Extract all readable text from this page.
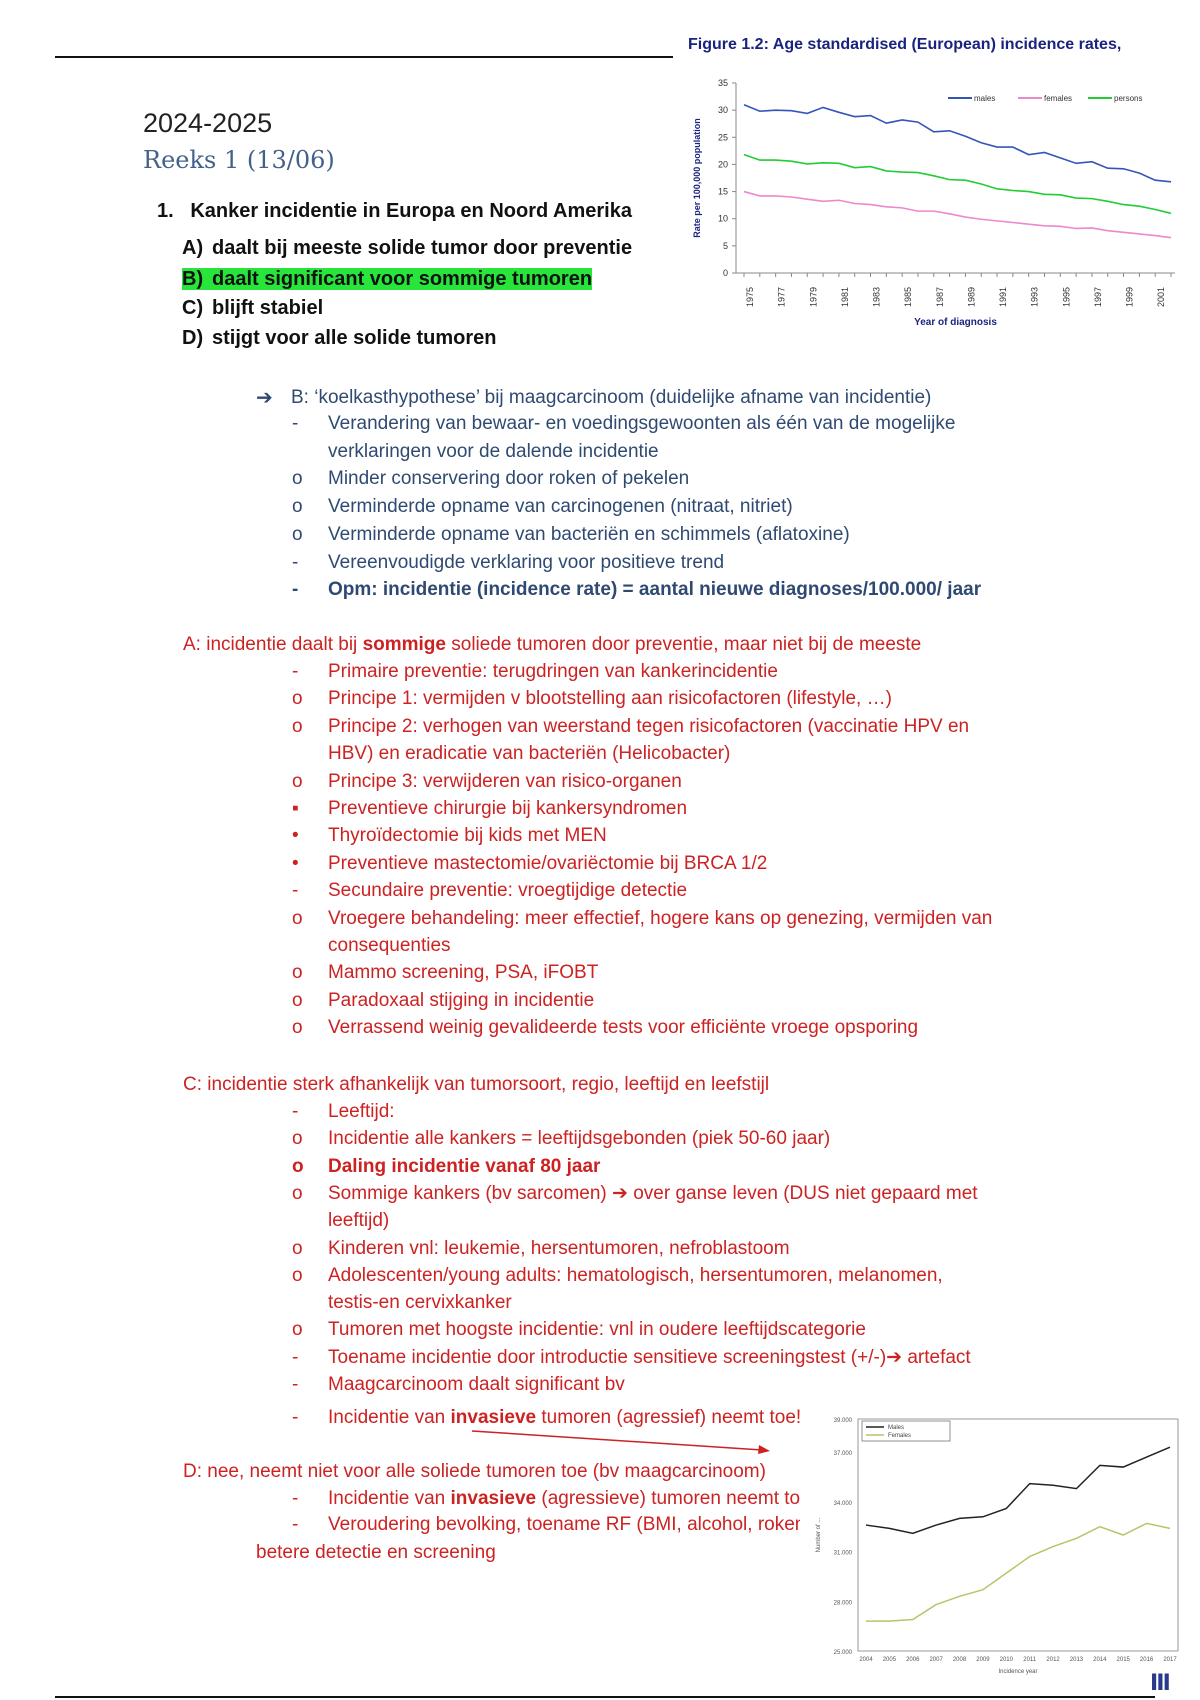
Figure 1.2: Age standardised (European) incidence rates,
0
5
10
15
20
25
30
35
1975 1977 1979 1981 1983 1985 1987 1989 1991 1993 1995 1997 1999 2001
Year of diagnosis
Rate per 100,000 population
males	females	persons
2024-2025
Reeks 1 (13/06)
1. Kanker incidentie in Europa en Noord Amerika
A) daalt bij meeste solide tumor door preventie
B) daalt significant voor sommige tumoren
C) blijft stabiel
D) stijgt voor alle solide tumoren
➔ B: ‘koelkasthypothese’ bij maagcarcinoom (duidelijke afname van incidentie)
- Verandering van bewaar- en voedingsgewoonten als één van de mogelijke
verklaringen voor de dalende incidentie
o Minder conservering door roken of pekelen
o Verminderde opname van carcinogenen (nitraat, nitriet)
o Verminderde opname van bacteriën en schimmels (aflatoxine)
- Vereenvoudigde verklaring voor positieve trend
- Opm: incidentie (incidence rate) = aantal nieuwe diagnoses/100.000/ jaar
A: incidentie daalt bij sommige soliede tumoren door preventie, maar niet bij de meeste
- Primaire preventie: terugdringen van kankerincidentie
o Principe 1: vermijden v blootstelling aan risicofactoren (lifestyle, …)
o Principe 2: verhogen van weerstand tegen risicofactoren (vaccinatie HPV en
HBV) en eradicatie van bacteriën (Helicobacter)
o Principe 3: verwijderen van risico-organen
▪ Preventieve chirurgie bij kankersyndromen
• Thyroïdectomie bij kids met MEN
• Preventieve mastectomie/ovariëctomie bij BRCA 1/2
- Secundaire preventie: vroegtijdige detectie
o Vroegere behandeling: meer effectief, hogere kans op genezing, vermijden van
consequenties
o Mammo screening, PSA, iFOBT
o Paradoxaal stijging in incidentie
o Verrassend weinig gevalideerde tests voor efficiënte vroege opsporing
C: incidentie sterk afhankelijk van tumorsoort, regio, leeftijd en leefstijl
- Leeftijd:
o Incidentie alle kankers = leeftijdsgebonden (piek 50-60 jaar)
o Daling incidentie vanaf 80 jaar
o Sommige kankers (bv sarcomen) ➔ over ganse leven (DUS niet gepaard met
leeftijd)
o Kinderen vnl: leukemie, hersentumoren, nefroblastoom
o Adolescenten/young adults: hematologisch, hersentumoren, melanomen,
testis-en cervixkanker
o Tumoren met hoogste incidentie: vnl in oudere leeftijdscategorie
- Toename incidentie door introductie sensitieve screeningstest (+/-)➔ artefact
- Maagcarcinoom daalt significant bv
- Incidentie van invasieve tumoren (agressief) neemt toe!
D: nee, neemt niet voor alle soliede tumoren toe (bv maagcarcinoom)
- Incidentie van invasieve (agressieve) tumoren neemt toe!!
- Veroudering bevolking, toename RF (BMI, alcohol, roken),
betere detectie en screening
25.000
28.000
31.000
34.000
37.000
39.000
2004 2005 2006 2007 2008 2009 2010 2011 2012 2013 2014 2015 2016 2017
Incidence year
Number of ...
Males
Females
Ⅲ
